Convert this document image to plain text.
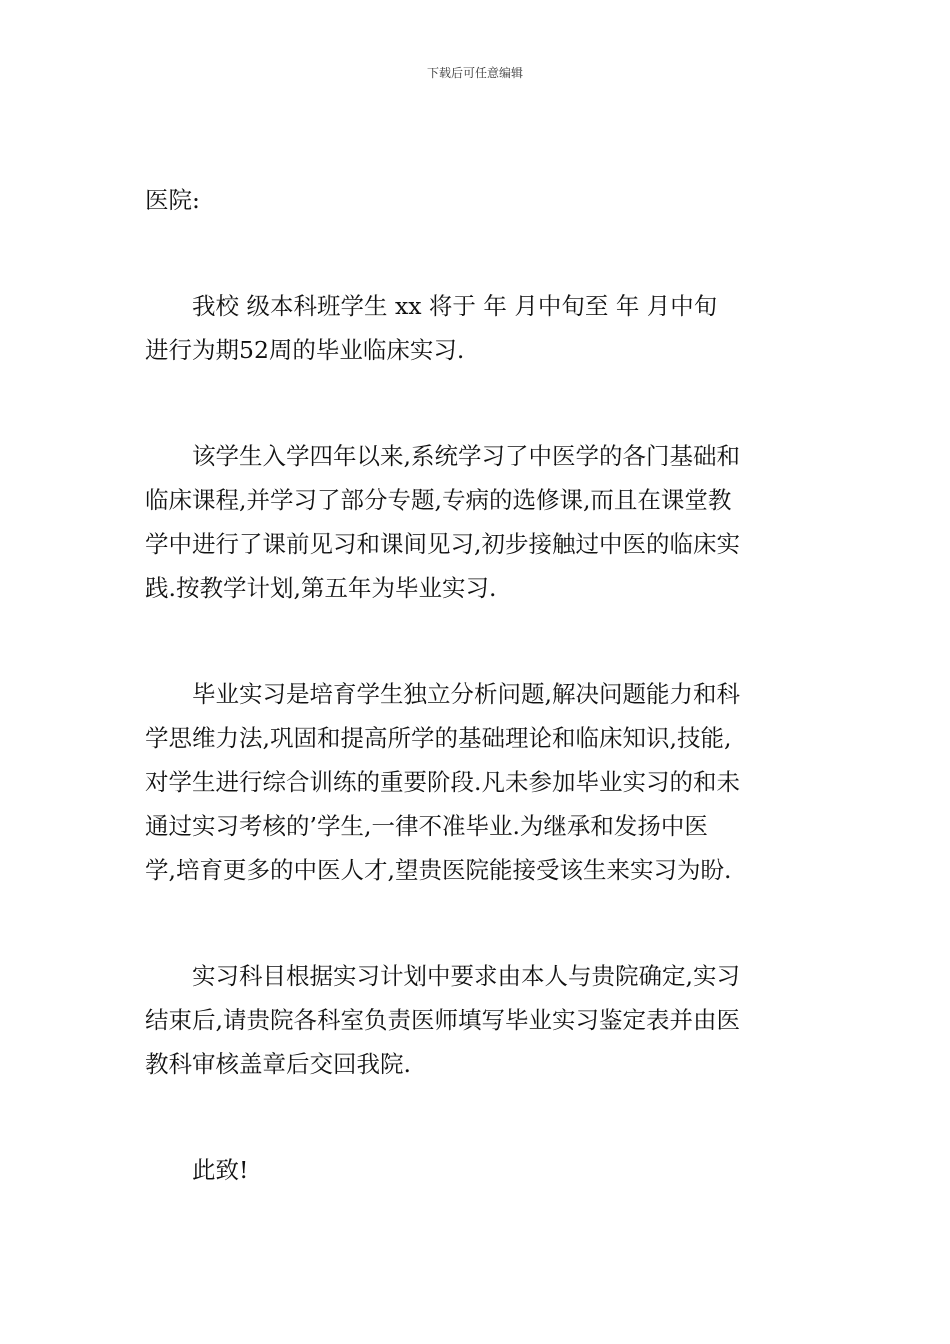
下载后可任意编辑

医院:

我校 级本科班学生 xx 将于 年 月中旬至 年 月中旬
进行为期52周的毕业临床实习.

该学生入学四年以来,系统学习了中医学的各门基础和
临床课程,并学习了部分专题,专病的选修课,而且在课堂教
学中进行了课前见习和课间见习,初步接触过中医的临床实
践.按教学计划,第五年为毕业实习.

毕业实习是培育学生独立分析问题,解决问题能力和科
学思维力法,巩固和提高所学的基础理论和临床知识,技能,
对学生进行综合训练的重要阶段.凡未参加毕业实习的和未
通过实习考核的’学生,一律不准毕业.为继承和发扬中医
学,培育更多的中医人才,望贵医院能接受该生来实习为盼.

实习科目根据实习计划中要求由本人与贵院确定,实习
结束后,请贵院各科室负责医师填写毕业实习鉴定表并由医
教科审核盖章后交回我院.

此致!
